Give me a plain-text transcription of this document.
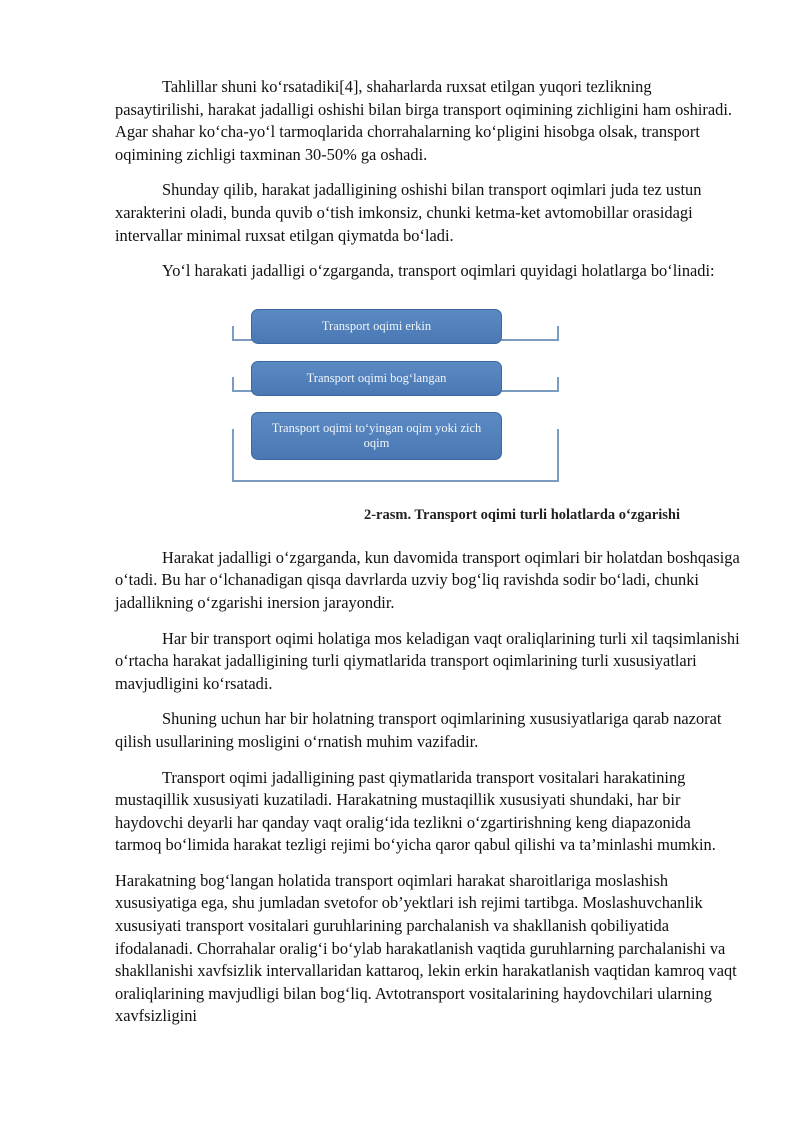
Tahlillar shuni ko‘rsatadiki[4], shaharlarda ruxsat etilgan yuqori tezlikning pasaytirilishi, harakat jadalligi oshishi bilan birga transport oqimining zichligini ham oshiradi. Agar shahar ko‘cha-yo‘l tarmoqlarida chorrahalarning ko‘pligini hisobga olsak, transport oqimining zichligi taxminan 30-50% ga oshadi.

Shunday qilib, harakat jadalligining oshishi bilan transport oqimlari juda tez ustun xarakterini oladi, bunda quvib o‘tish imkonsiz, chunki ketma-ket avtomobillar orasidagi intervallar minimal ruxsat etilgan qiymatda bo‘ladi.

Yo‘l harakati jadalligi o‘zgarganda, transport oqimlari quyidagi holatlarga bo‘linadi:

Transport oqimi erkin
Transport oqimi bog‘langan
Transport oqimi to‘yingan oqim yoki zich oqim
2-rasm. Transport oqimi turli holatlarda o‘zgarishi

Harakat jadalligi o‘zgarganda, kun davomida transport oqimlari bir holatdan boshqasiga o‘tadi. Bu har o‘lchanadigan qisqa davrlarda uzviy bog‘liq ravishda sodir bo‘ladi, chunki jadallikning o‘zgarishi inersion jarayondir.

Har bir transport oqimi holatiga mos keladigan vaqt oraliqlarining turli xil taqsimlanishi o‘rtacha harakat jadalligining turli qiymatlarida transport oqimlarining turli xususiyatlari mavjudligini ko‘rsatadi.

Shuning uchun har bir holatning transport oqimlarining xususiyatlariga qarab nazorat qilish usullarining mosligini o‘rnatish muhim vazifadir.

Transport oqimi jadalligining past qiymatlarida transport vositalari harakatining mustaqillik xususiyati kuzatiladi. Harakatning mustaqillik xususiyati shundaki, har bir haydovchi deyarli har qanday vaqt oralig‘ida tezlikni o‘zgartirishning keng diapazonida tarmoq bo‘limida harakat tezligi rejimi bo‘yicha qaror qabul qilishi va ta’minlashi mumkin.

Harakatning bog‘langan holatida transport oqimlari harakat sharoitlariga moslashish xususiyatiga ega, shu jumladan svetofor ob’yektlari ish rejimi tartibga. Moslashuvchanlik xususiyati transport vositalari guruhlarining parchalanish va shakllanish qobiliyatida ifodalanadi. Chorrahalar oralig‘i bo‘ylab harakatlanish vaqtida guruhlarning parchalanishi va shakllanishi xavfsizlik intervallaridan kattaroq, lekin erkin harakatlanish vaqtidan kamroq vaqt oraliqlarining mavjudligi bilan bog‘liq. Avtotransport vositalarining haydovchilari ularning xavfsizligini
